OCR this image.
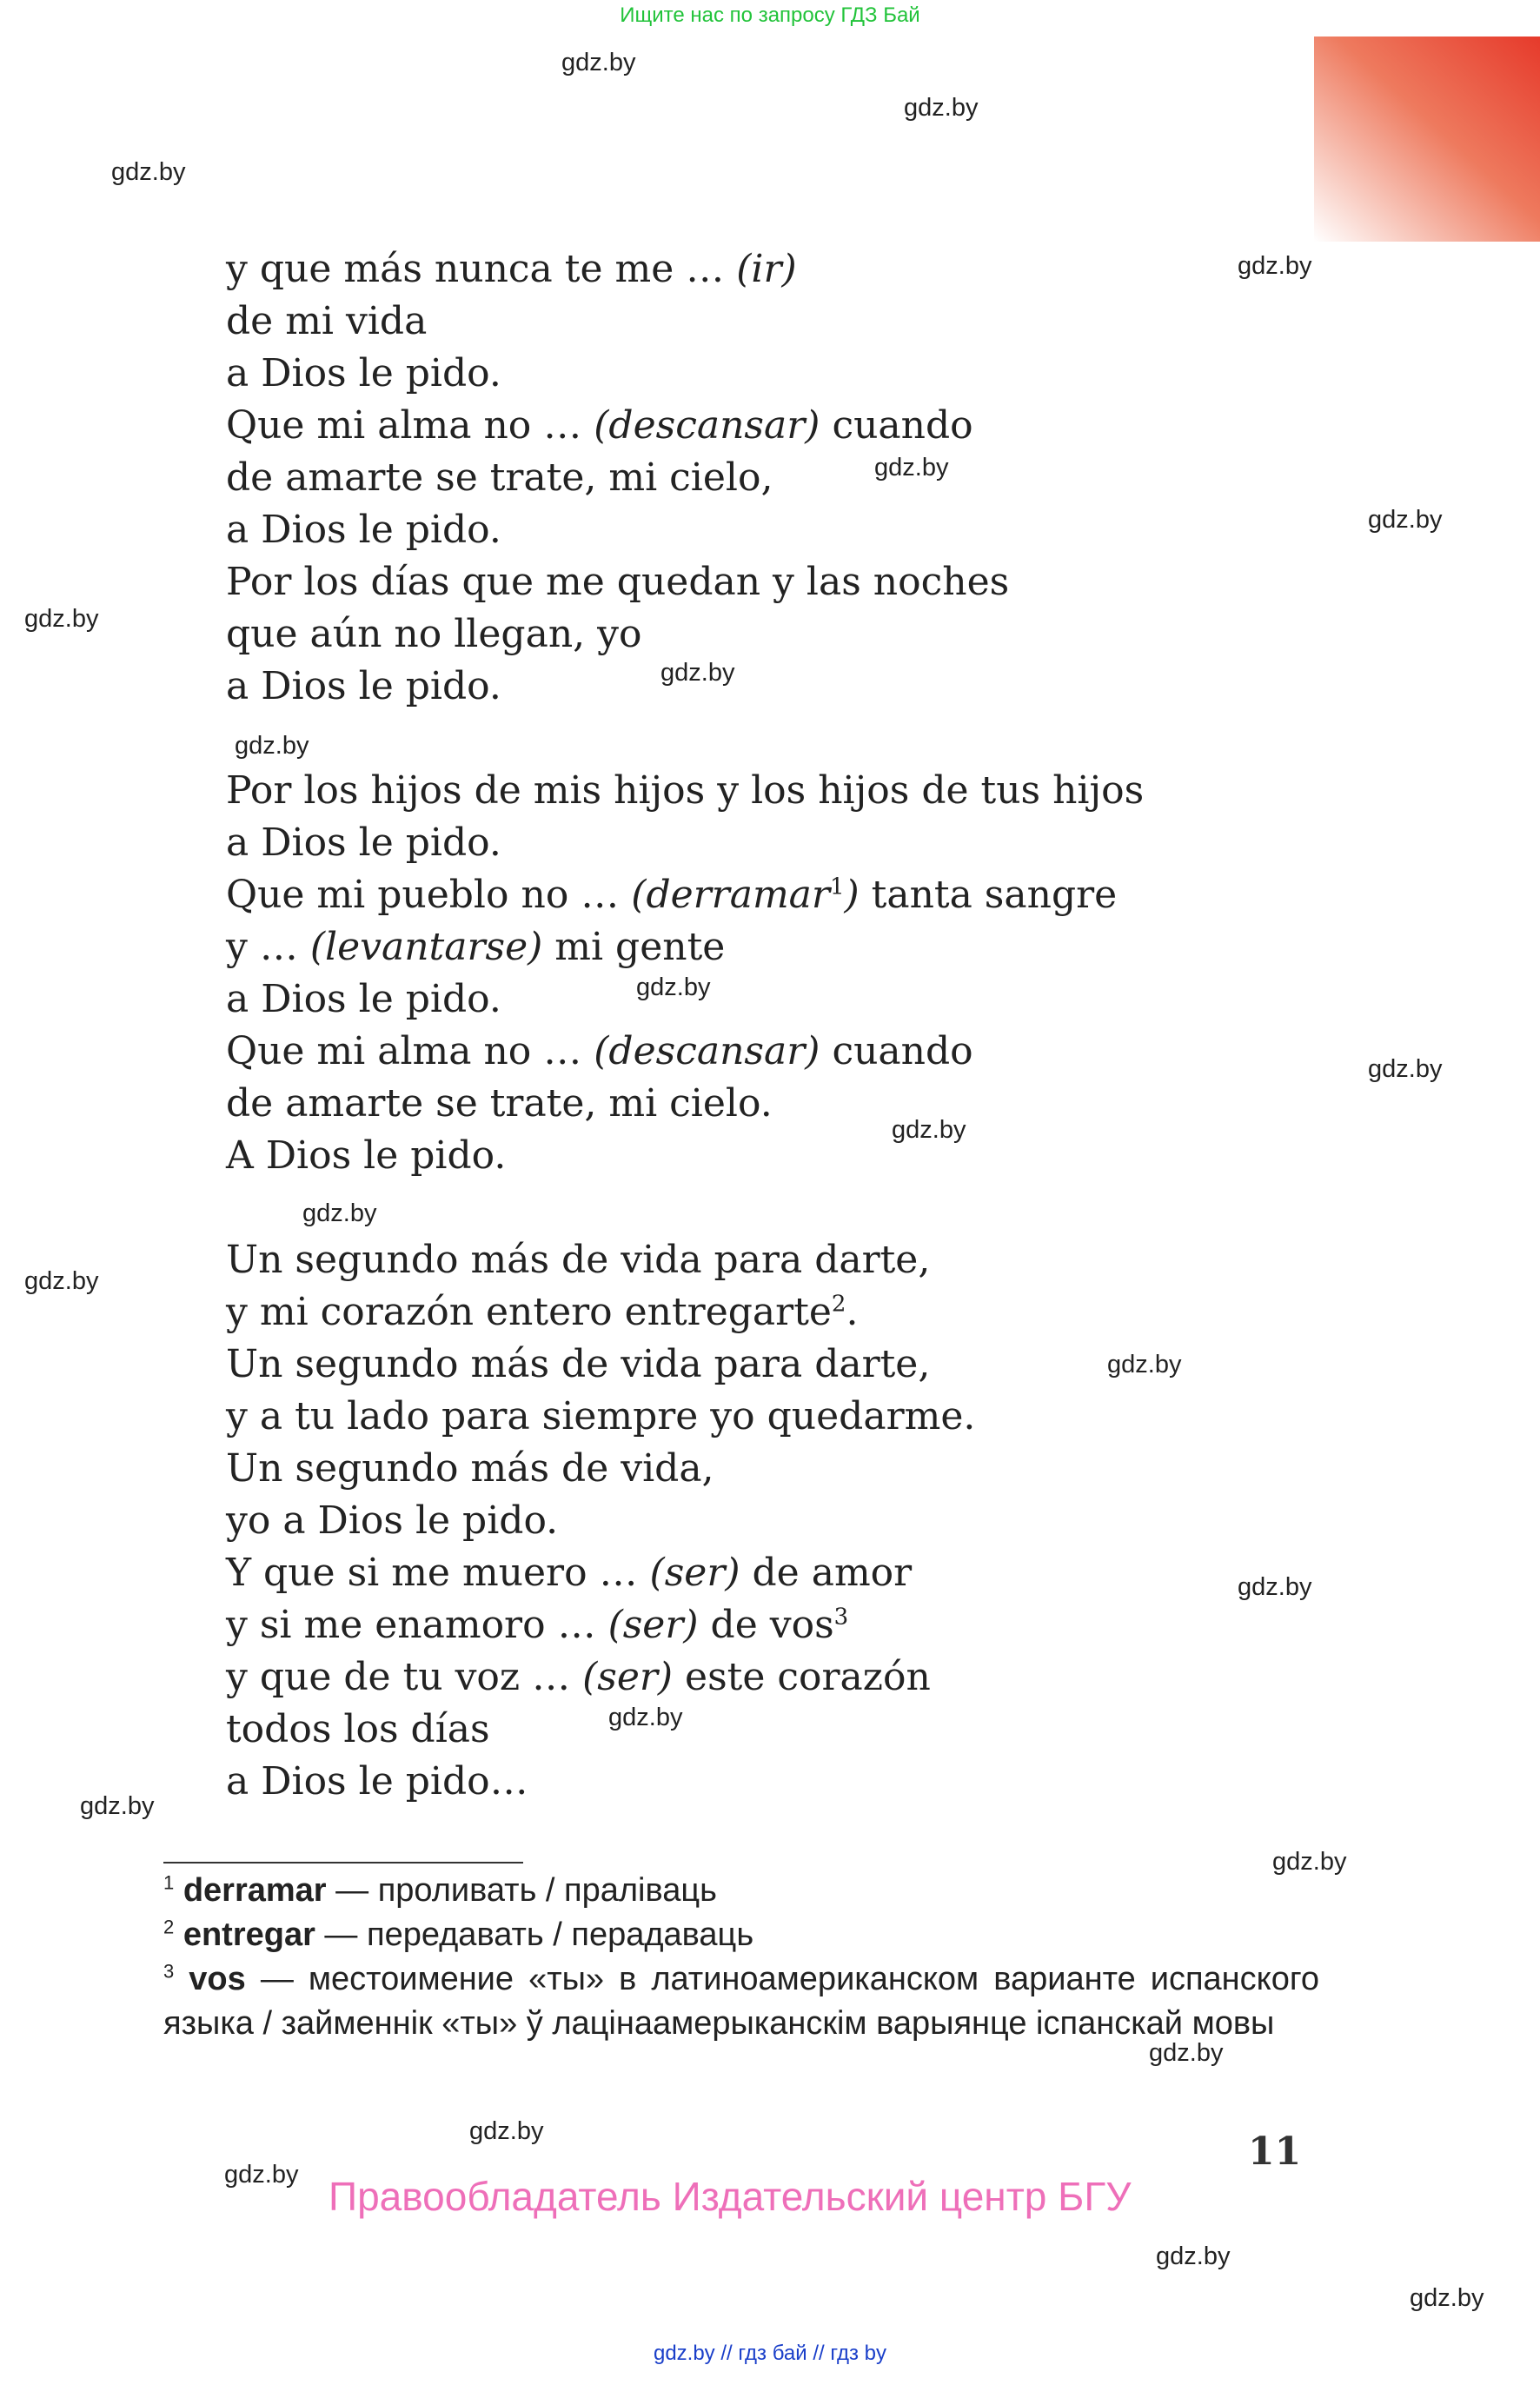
Ищите нас по запросу ГДЗ Бай
gdz.by
gdz.by
gdz.by
gdz.by
gdz.by
gdz.by
gdz.by
gdz.by
gdz.by
gdz.by
gdz.by
gdz.by
gdz.by
gdz.by
gdz.by
gdz.by
gdz.by
gdz.by
gdz.by
gdz.by
gdz.by
gdz.by
gdz.by
gdz.by
y que más nunca te me … (ir)
de mi vida
a Dios le pido.
Que mi alma no … (descansar) cuando
de amarte se trate, mi cielo,
a Dios le pido.
Por los días que me quedan y las noches
que aún no llegan, yo
a Dios le pido.
Por los hijos de mis hijos y los hijos de tus hijos
a Dios le pido.
Que mi pueblo no … (derramar$^1$) tanta sangre
y … (levantarse) mi gente
a Dios le pido.
Que mi alma no … (descansar) cuando
de amarte se trate, mi cielo.
A Dios le pido.
Un segundo más de vida para darte,
y mi corazón entero entregarte$^2$.
Un segundo más de vida para darte,
y a tu lado para siempre yo quedarme.
Un segundo más de vida,
yo a Dios le pido.
Y que si me muero … (ser) de amor
y si me enamoro … (ser) de vos$^3$
y que de tu voz … (ser) este corazón
todos los días
a Dios le pido…

$^1$ derramar — проливать / праліваць

$^2$ entregar — передавать / перадаваць

$^3$ vos — местоимение «ты» в латиноамериканском варианте испанского языка / займеннік «ты» ў лацінаамерыканскім варыянце іспанскай мовы

11
Правообладатель Издательский центр БГУ
gdz.by // гдз бай // гдз by
